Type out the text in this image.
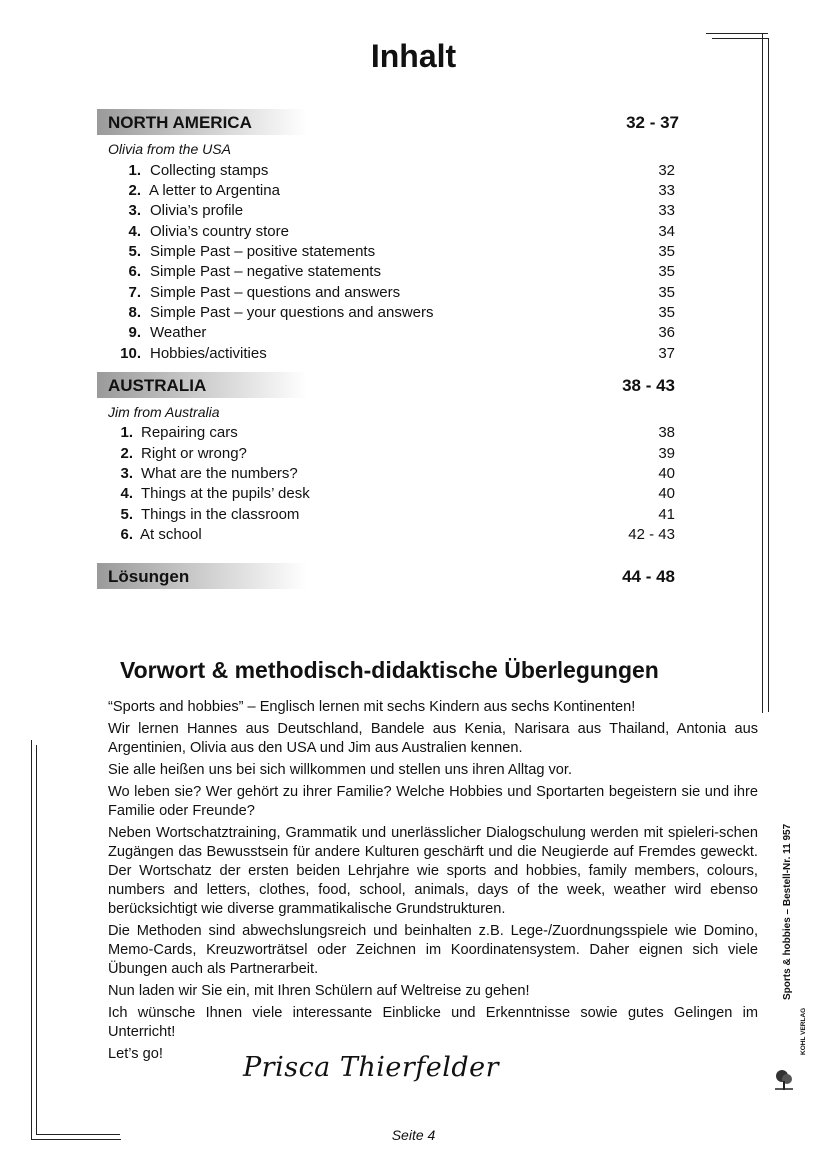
Inhalt
NORTH AMERICA	32 - 37
Olivia from the USA
1. Collecting stamps	32
2. A letter to Argentina	33
3. Olivia’s profile	33
4. Olivia’s country store	34
5. Simple Past – positive statements	35
6. Simple Past – negative statements	35
7. Simple Past – questions and answers	35
8. Simple Past – your questions and answers	35
9. Weather	36
10. Hobbies/activities	37
AUSTRALIA	38 - 43
Jim from Australia
1. Repairing cars	38
2. Right or wrong?	39
3. What are the numbers?	40
4. Things at the pupils’ desk	40
5. Things in the classroom	41
6. At school	42 - 43
Lösungen	44 - 48
Vorwort & methodisch-didaktische Überlegungen

“Sports and hobbies” – Englisch lernen mit sechs Kindern aus sechs Kontinenten!

Wir lernen Hannes aus Deutschland, Bandele aus Kenia, Narisara aus Thailand, Antonia aus Argentinien, Olivia aus den USA und Jim aus Australien kennen.

Sie alle heißen uns bei sich willkommen und stellen uns ihren Alltag vor.

Wo leben sie? Wer gehört zu ihrer Familie? Welche Hobbies und Sportarten begeistern sie und ihre Familie oder Freunde?

Neben Wortschatztraining, Grammatik und unerlässlicher Dialogschulung werden mit spieleri-schen Zugängen das Bewusstsein für andere Kulturen geschärft und die Neugierde auf Fremdes geweckt. Der Wortschatz der ersten beiden Lehrjahre wie sports and hobbies, family members, colours, numbers and letters, clothes, food, school, animals, days of the week, weather wird ebenso berücksichtigt wie diverse grammatikalische Grundstrukturen.

Die Methoden sind abwechslungsreich und beinhalten z.B. Lege-/Zuordnungsspiele wie Domino, Memo-Cards, Kreuzworträtsel oder Zeichnen im Koordinatensystem. Daher eignen sich viele Übungen auch als Partnerarbeit.

Nun laden wir Sie ein, mit Ihren Schülern auf Weltreise zu gehen!

Ich wünsche Ihnen viele interessante Einblicke und Erkenntnisse sowie gutes Gelingen im Unterricht!

Let’s go!	Prisca Thierfelder
Sports & hobbies – Bestell-Nr. 11 957
KOHL VERLAG
Seite 4
